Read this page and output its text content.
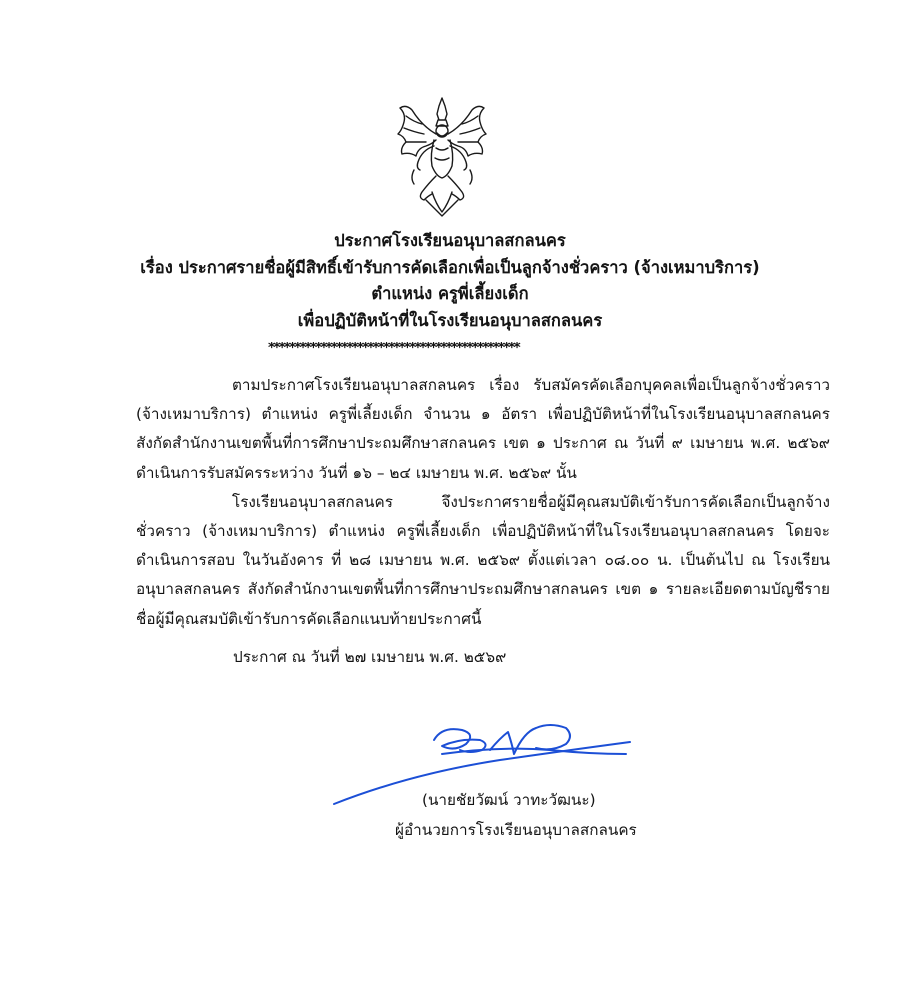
ประกาศโรงเรียนอนุบาลสกลนคร
เรื่อง ประกาศรายชื่อผู้มีสิทธิ์เข้ารับการคัดเลือกเพื่อเป็นลูกจ้างชั่วคราว (จ้างเหมาบริการ)
ตำแหน่ง ครูพี่เลี้ยงเด็ก
เพื่อปฏิบัติหน้าที่ในโรงเรียนอนุบาลสกลนคร
************************************************

ตามประกาศโรงเรียนอนุบาลสกลนคร เรื่อง รับสมัครคัดเลือกบุคคลเพื่อเป็นลูกจ้างชั่วคราว (จ้างเหมาบริการ) ตำแหน่ง ครูพี่เลี้ยงเด็ก จำนวน ๑ อัตรา เพื่อปฏิบัติหน้าที่ในโรงเรียนอนุบาลสกลนคร สังกัดสำนักงานเขตพื้นที่การศึกษาประถมศึกษาสกลนคร เขต ๑ ประกาศ ณ วันที่ ๙ เมษายน พ.ศ. ๒๕๖๙ ดำเนินการรับสมัครระหว่าง วันที่ ๑๖ – ๒๔ เมษายน พ.ศ. ๒๕๖๙ นั้น

โรงเรียนอนุบาลสกลนคร จึงประกาศรายชื่อผู้มีคุณสมบัติเข้ารับการคัดเลือกเป็นลูกจ้างชั่วคราว (จ้างเหมาบริการ) ตำแหน่ง ครูพี่เลี้ยงเด็ก เพื่อปฏิบัติหน้าที่ในโรงเรียนอนุบาลสกลนคร โดยจะดำเนินการสอบ ในวันอังคาร ที่ ๒๘ เมษายน พ.ศ. ๒๕๖๙ ตั้งแต่เวลา ๐๘.๐๐ น. เป็นต้นไป ณ โรงเรียนอนุบาลสกลนคร สังกัดสำนักงานเขตพื้นที่การศึกษาประถมศึกษาสกลนคร เขต ๑ รายละเอียดตามบัญชีรายชื่อผู้มีคุณสมบัติเข้ารับการคัดเลือกแนบท้ายประกาศนี้

ประกาศ ณ วันที่ ๒๗ เมษายน พ.ศ. ๒๕๖๙
(นายชัยวัฒน์ วาทะวัฒนะ)
ผู้อำนวยการโรงเรียนอนุบาลสกลนคร
